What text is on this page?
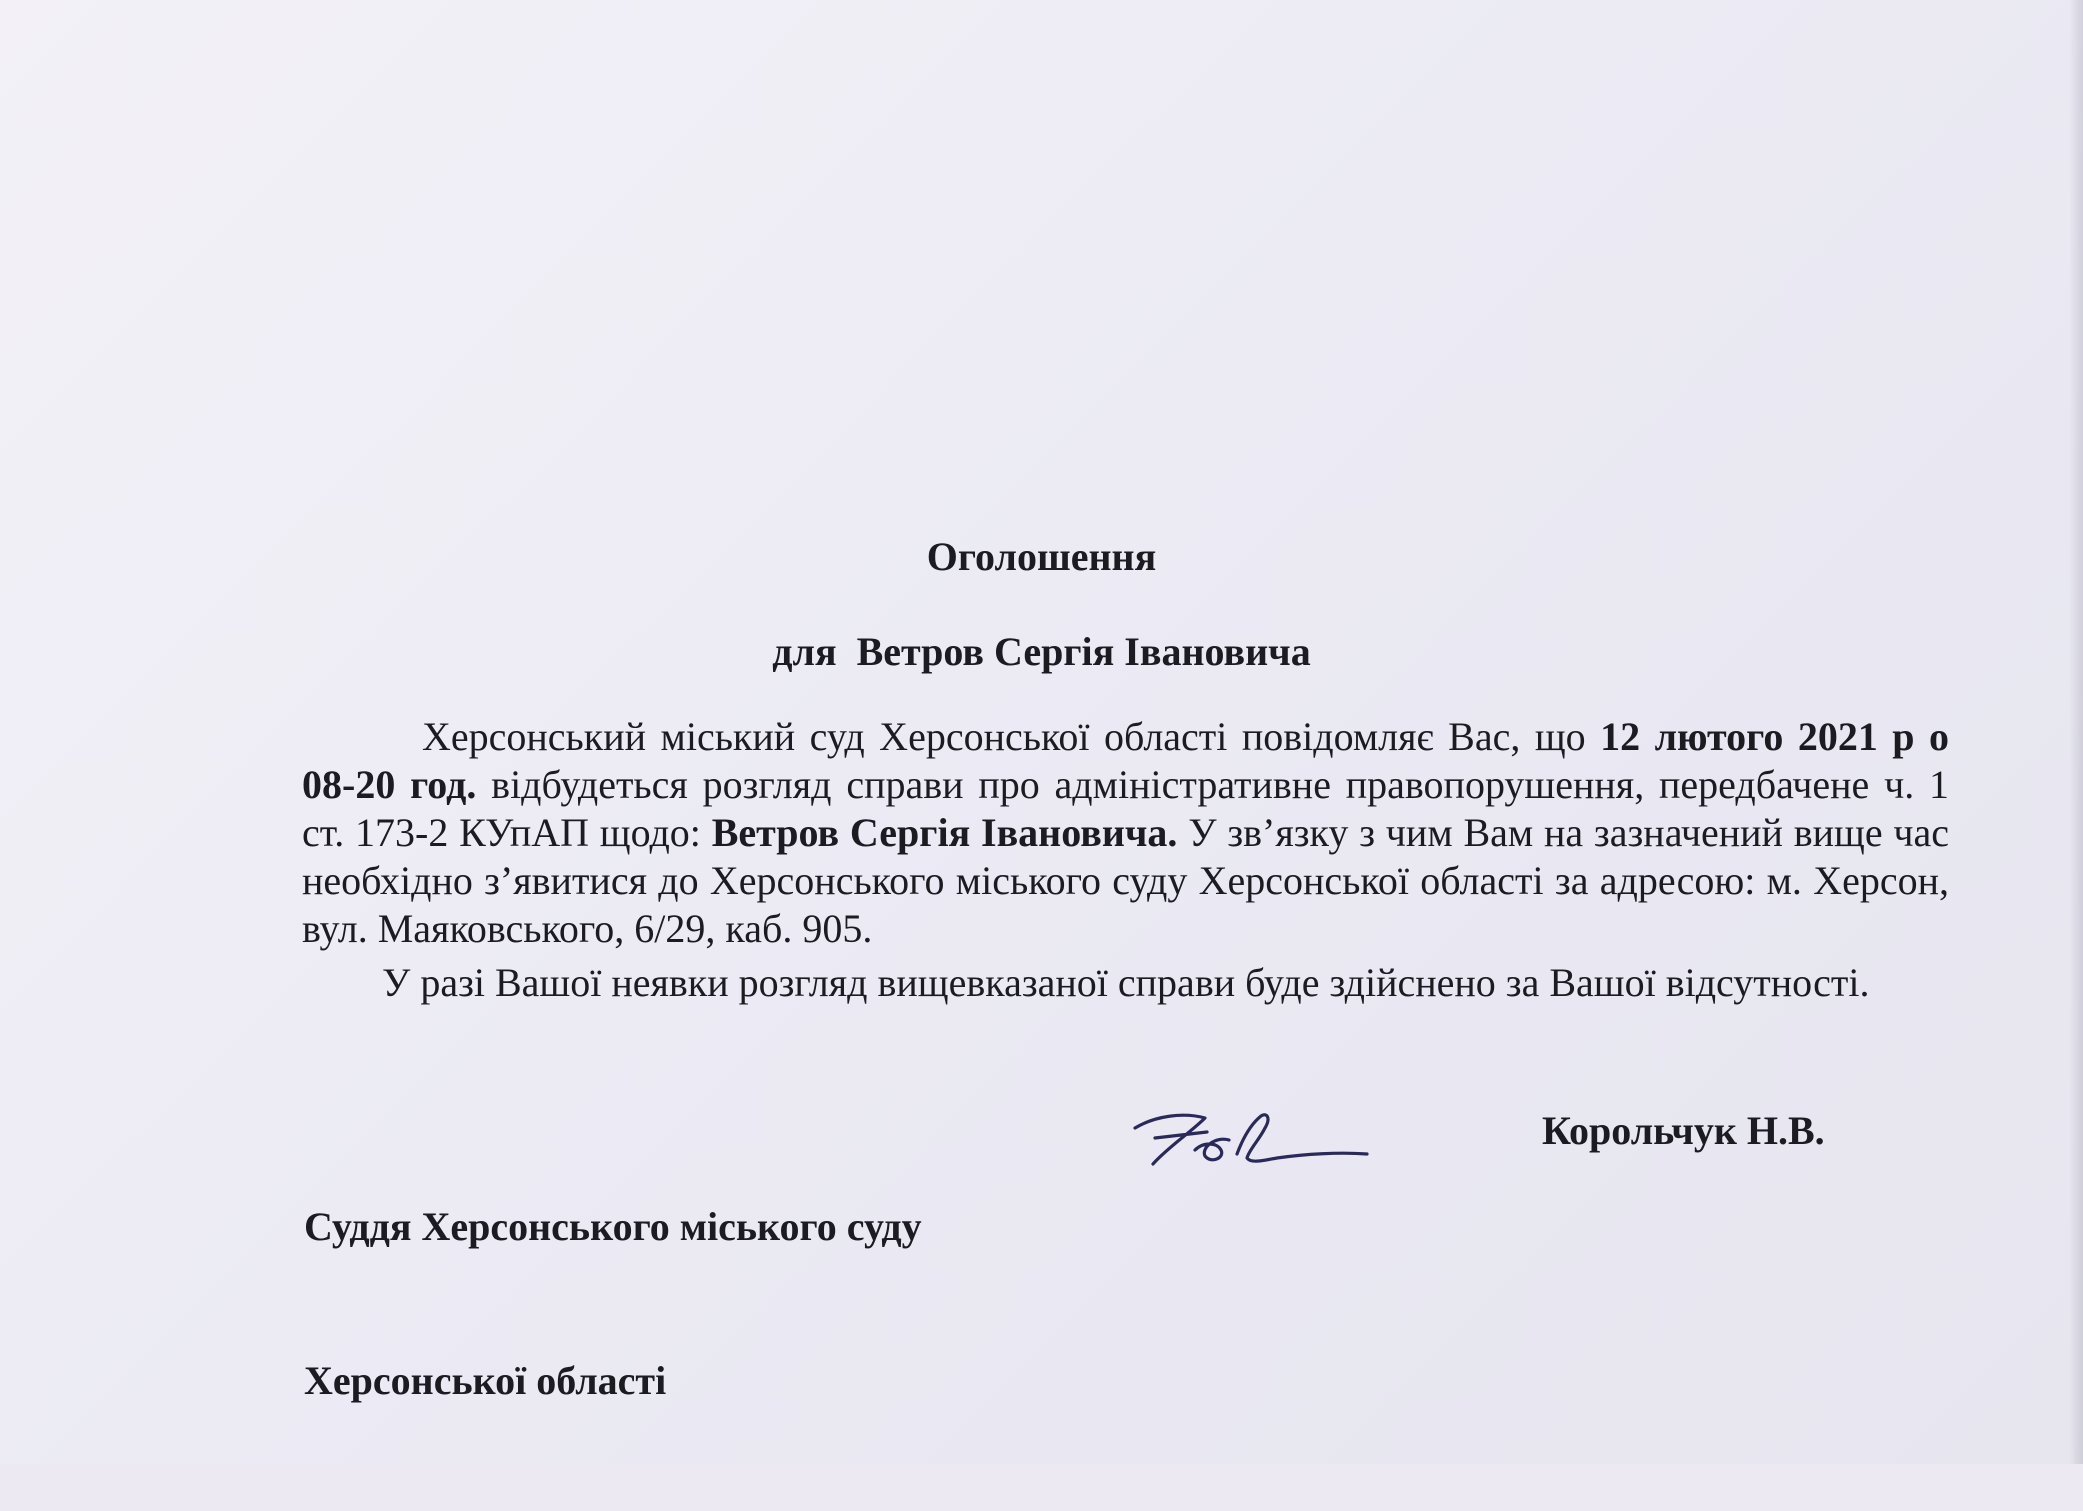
Оголошення
для  Ветров Сергія Івановича

Херсонський міський суд Херсонської області повідомляє Вас, що 12 лютого 2021 р о 08-20 год. відбудеться розгляд справи про адміністративне правопорушення, передбачене ч. 1 ст. 173-2 КУпАП щодо: Ветров Сергія Івановича. У зв’язку з чим Вам на зазначений вище час необхідно з’явитися до Херсонського міського суду Херсонської області за адресою: м. Херсон, вул. Маяковського, 6/29, каб. 905.

У разі Вашої неявки розгляд вищевказаної справи буде здійснено за Вашої відсутності.

Суддя Херсонського міського суду

Херсонської області

Корольчук Н.В.
